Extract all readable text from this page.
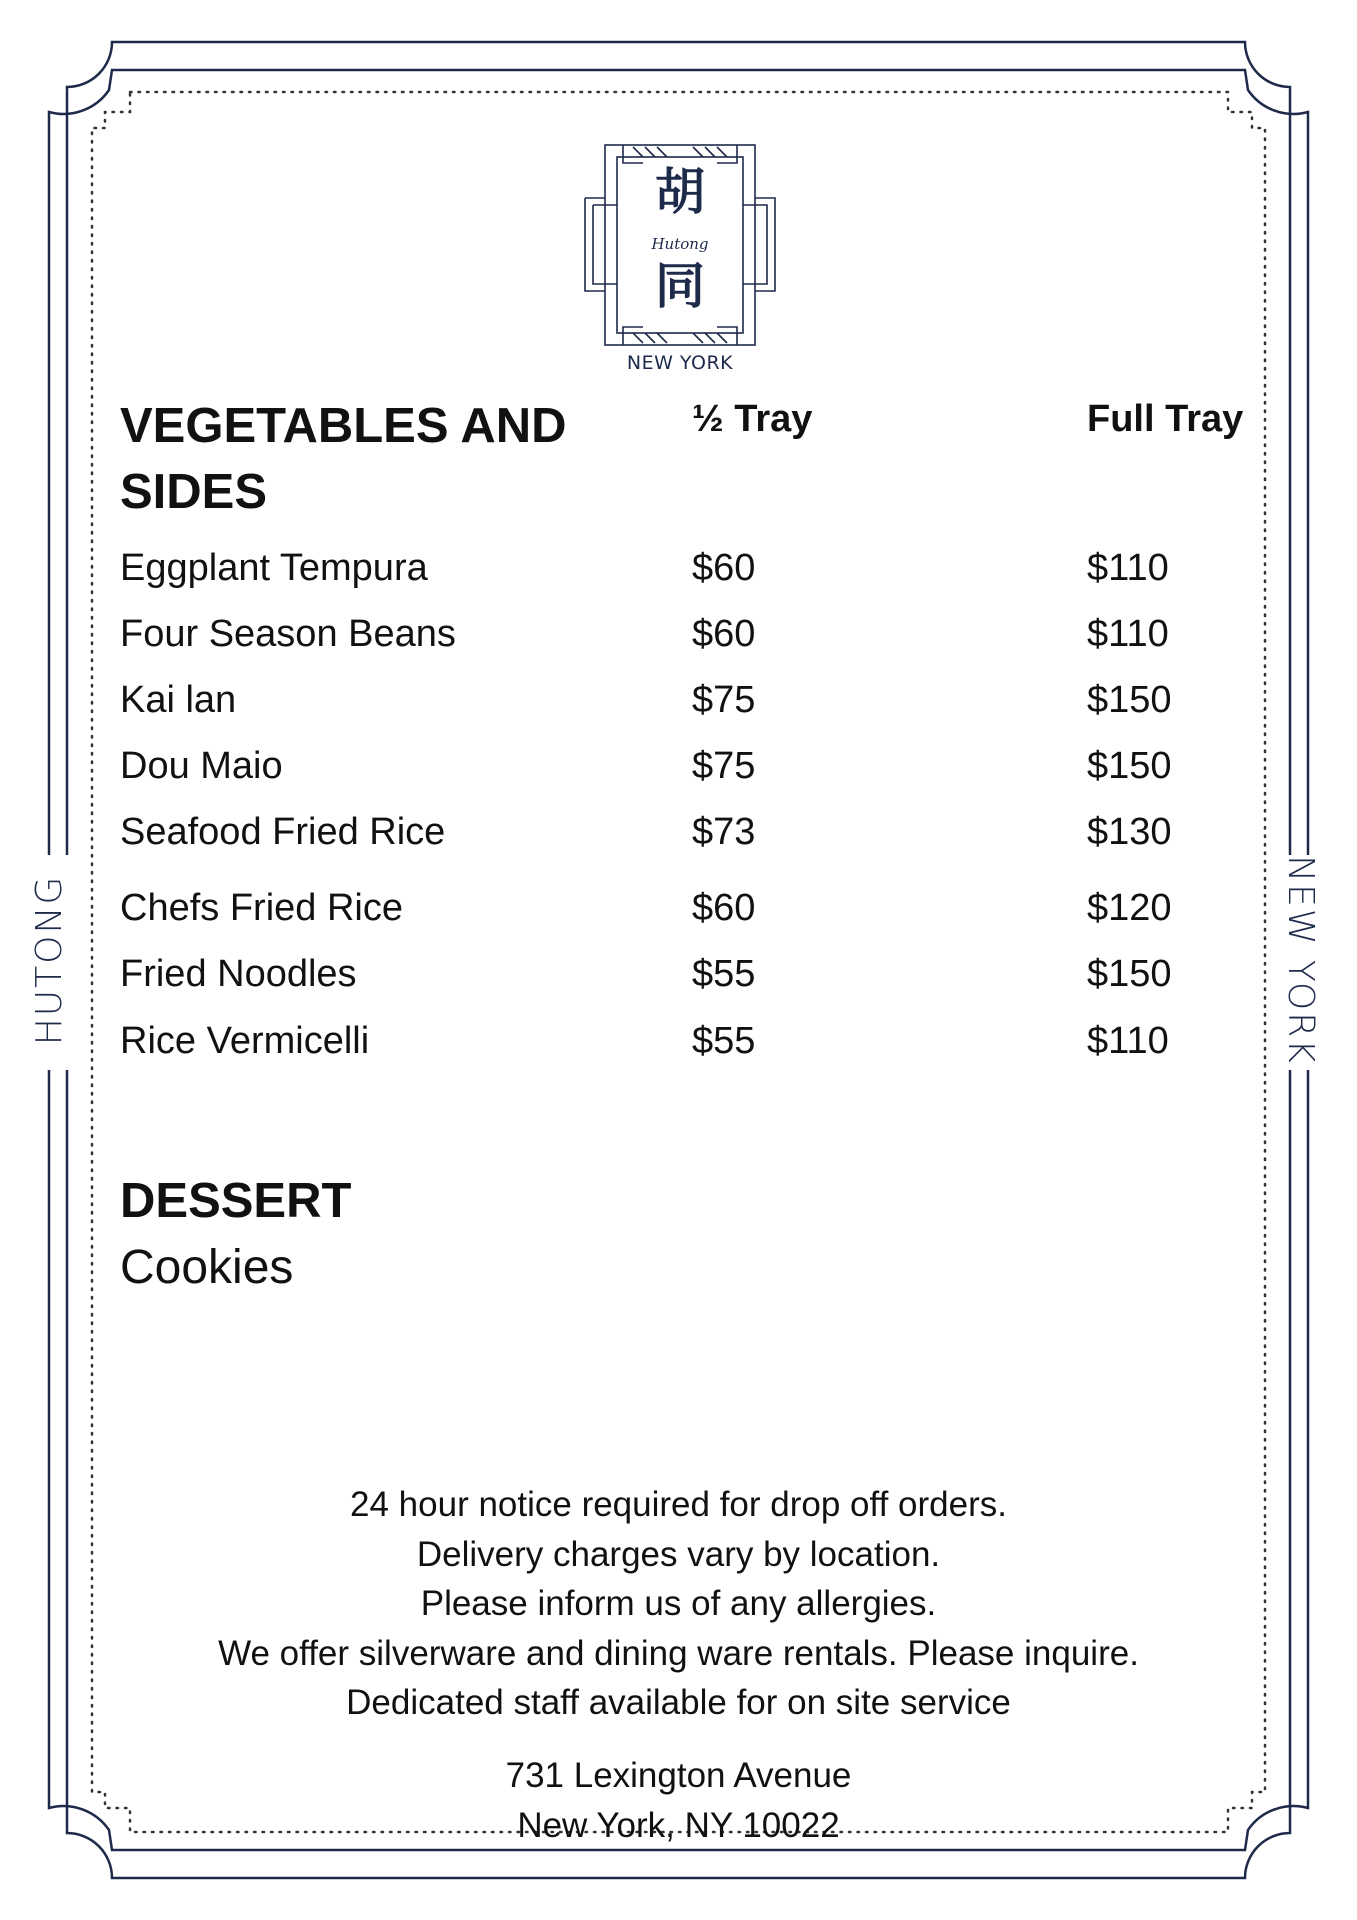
HUTONG	NEW YORK
胡
Hutong
同
NEW YORK
VEGETABLES AND
SIDES
½ Tray	Full Tray
Eggplant Tempura	$60	$110
Four Season Beans	$60	$110
Kai lan	$75	$150
Dou Maio	$75	$150
Seafood Fried Rice	$73	$130
Chefs Fried Rice	$60	$120
Fried Noodles	$55	$150
Rice Vermicelli	$55	$110
DESSERT
Cookies
24 hour notice required for drop off orders.
Delivery charges vary by location.
Please inform us of any allergies.
We offer silverware and dining ware rentals. Please inquire.
Dedicated staff available for on site service
731 Lexington Avenue
New York, NY 10022
